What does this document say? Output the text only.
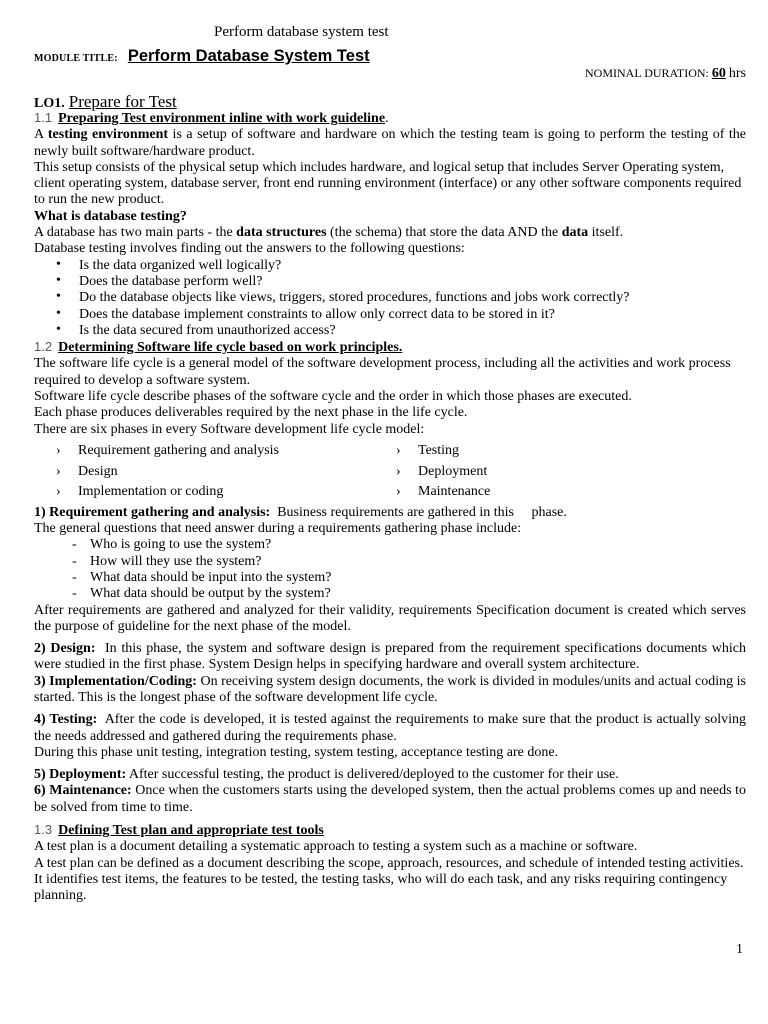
Perform database system test
MODULE TITLE: Perform Database System Test
NOMINAL DURATION: 60 hrs
LO1. Prepare for Test

1.1 Preparing Test environment inline with work guideline.

A testing environment is a setup of software and hardware on which the testing team is going to perform the testing of the newly built software/hardware product.

This setup consists of the physical setup which includes hardware, and logical setup that includes Server Operating system, client operating system, database server, front end running environment (interface) or any other software components required to run the new product.

What is database testing?

A database has two main parts - the data structures (the schema) that store the data AND the data itself.

Database testing involves finding out the answers to the following questions:

• Is the data organized well logically?
• Does the database perform well?
• Do the database objects like views, triggers, stored procedures, functions and jobs work correctly?
• Does the database implement constraints to allow only correct data to be stored in it?
• Is the data secured from unauthorized access?

1.2 Determining Software life cycle based on work principles.

The software life cycle is a general model of the software development process, including all the activities and work process required to develop a software system.

Software life cycle describe phases of the software cycle and the order in which those phases are executed.

Each phase produces deliverables required by the next phase in the life cycle.

There are six phases in every Software development life cycle model:

› Requirement gathering and analysis	› Testing
› Design	› Deployment
› Implementation or coding	› Maintenance

1) Requirement gathering and analysis: Business requirements are gathered in this phase.

The general questions that need answer during a requirements gathering phase include:

- Who is going to use the system?
- How will they use the system?
- What data should be input into the system?
- What data should be output by the system?

After requirements are gathered and analyzed for their validity, requirements Specification document is created which serves the purpose of guideline for the next phase of the model.

2) Design: In this phase, the system and software design is prepared from the requirement specifications documents which were studied in the first phase. System Design helps in specifying hardware and overall system architecture.

3) Implementation/Coding: On receiving system design documents, the work is divided in modules/units and actual coding is started. This is the longest phase of the software development life cycle.

4) Testing: After the code is developed, it is tested against the requirements to make sure that the product is actually solving the needs addressed and gathered during the requirements phase.

During this phase unit testing, integration testing, system testing, acceptance testing are done.

5) Deployment: After successful testing, the product is delivered/deployed to the customer for their use.

6) Maintenance: Once when the customers starts using the developed system, then the actual problems comes up and needs to be solved from time to time.

1.3 Defining Test plan and appropriate test tools

A test plan is a document detailing a systematic approach to testing a system such as a machine or software.

A test plan can be defined as a document describing the scope, approach, resources, and schedule of intended testing activities. It identifies test items, the features to be tested, the testing tasks, who will do each task, and any risks requiring contingency planning.

1
